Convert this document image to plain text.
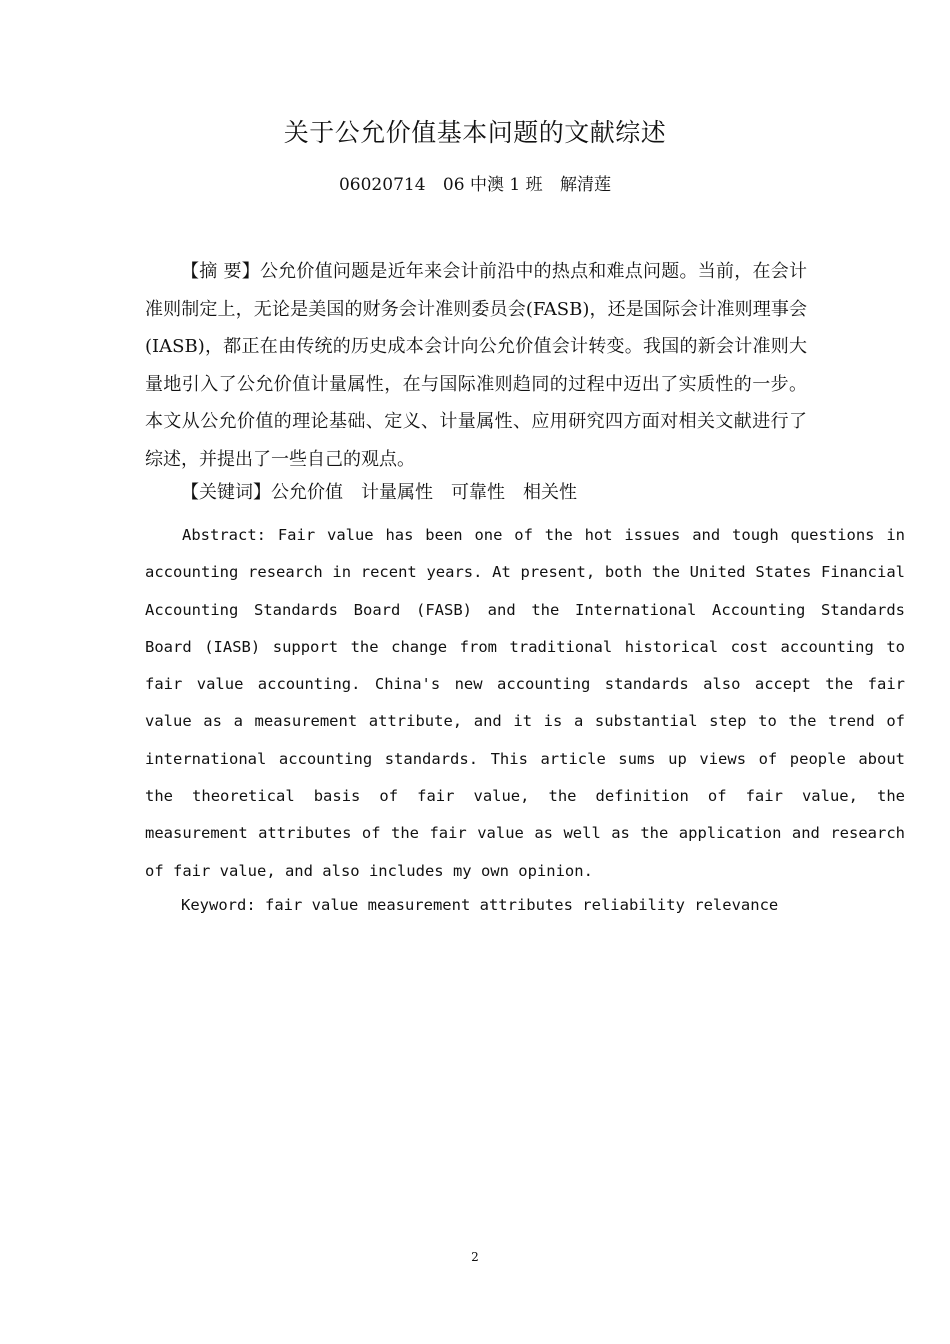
关于公允价值基本问题的文献综述
06020714 06 中澳 1 班 解清莲
【摘 要】公允价值问题是近年来会计前沿中的热点和难点问题。当前，在会计准则制定上，无论是美国的财务会计准则委员会(FASB)，还是国际会计准则理事会(IASB)，都正在由传统的历史成本会计向公允价值会计转变。我国的新会计准则大量地引入了公允价值计量属性，在与国际准则趋同的过程中迈出了实质性的一步。本文从公允价值的理论基础、定义、计量属性、应用研究四方面对相关文献进行了综述，并提出了一些自己的观点。
【关键词】公允价值 计量属性 可靠性 相关性
Abstract: Fair value has been one of the hot issues and tough questions in accounting research in recent years. At present, both the United States Financial Accounting Standards Board (FASB) and the International Accounting Standards Board (IASB) support the change from traditional historical cost accounting to fair value accounting. China's new accounting standards also accept the fair value as a measurement attribute, and it is a substantial step to the trend of international accounting standards. This article sums up views of people about the theoretical basis of fair value, the definition of fair value, the measurement attributes of the fair value as well as the application and research of fair value, and also includes my own opinion.
Keyword: fair value measurement attributes reliability relevance
2
